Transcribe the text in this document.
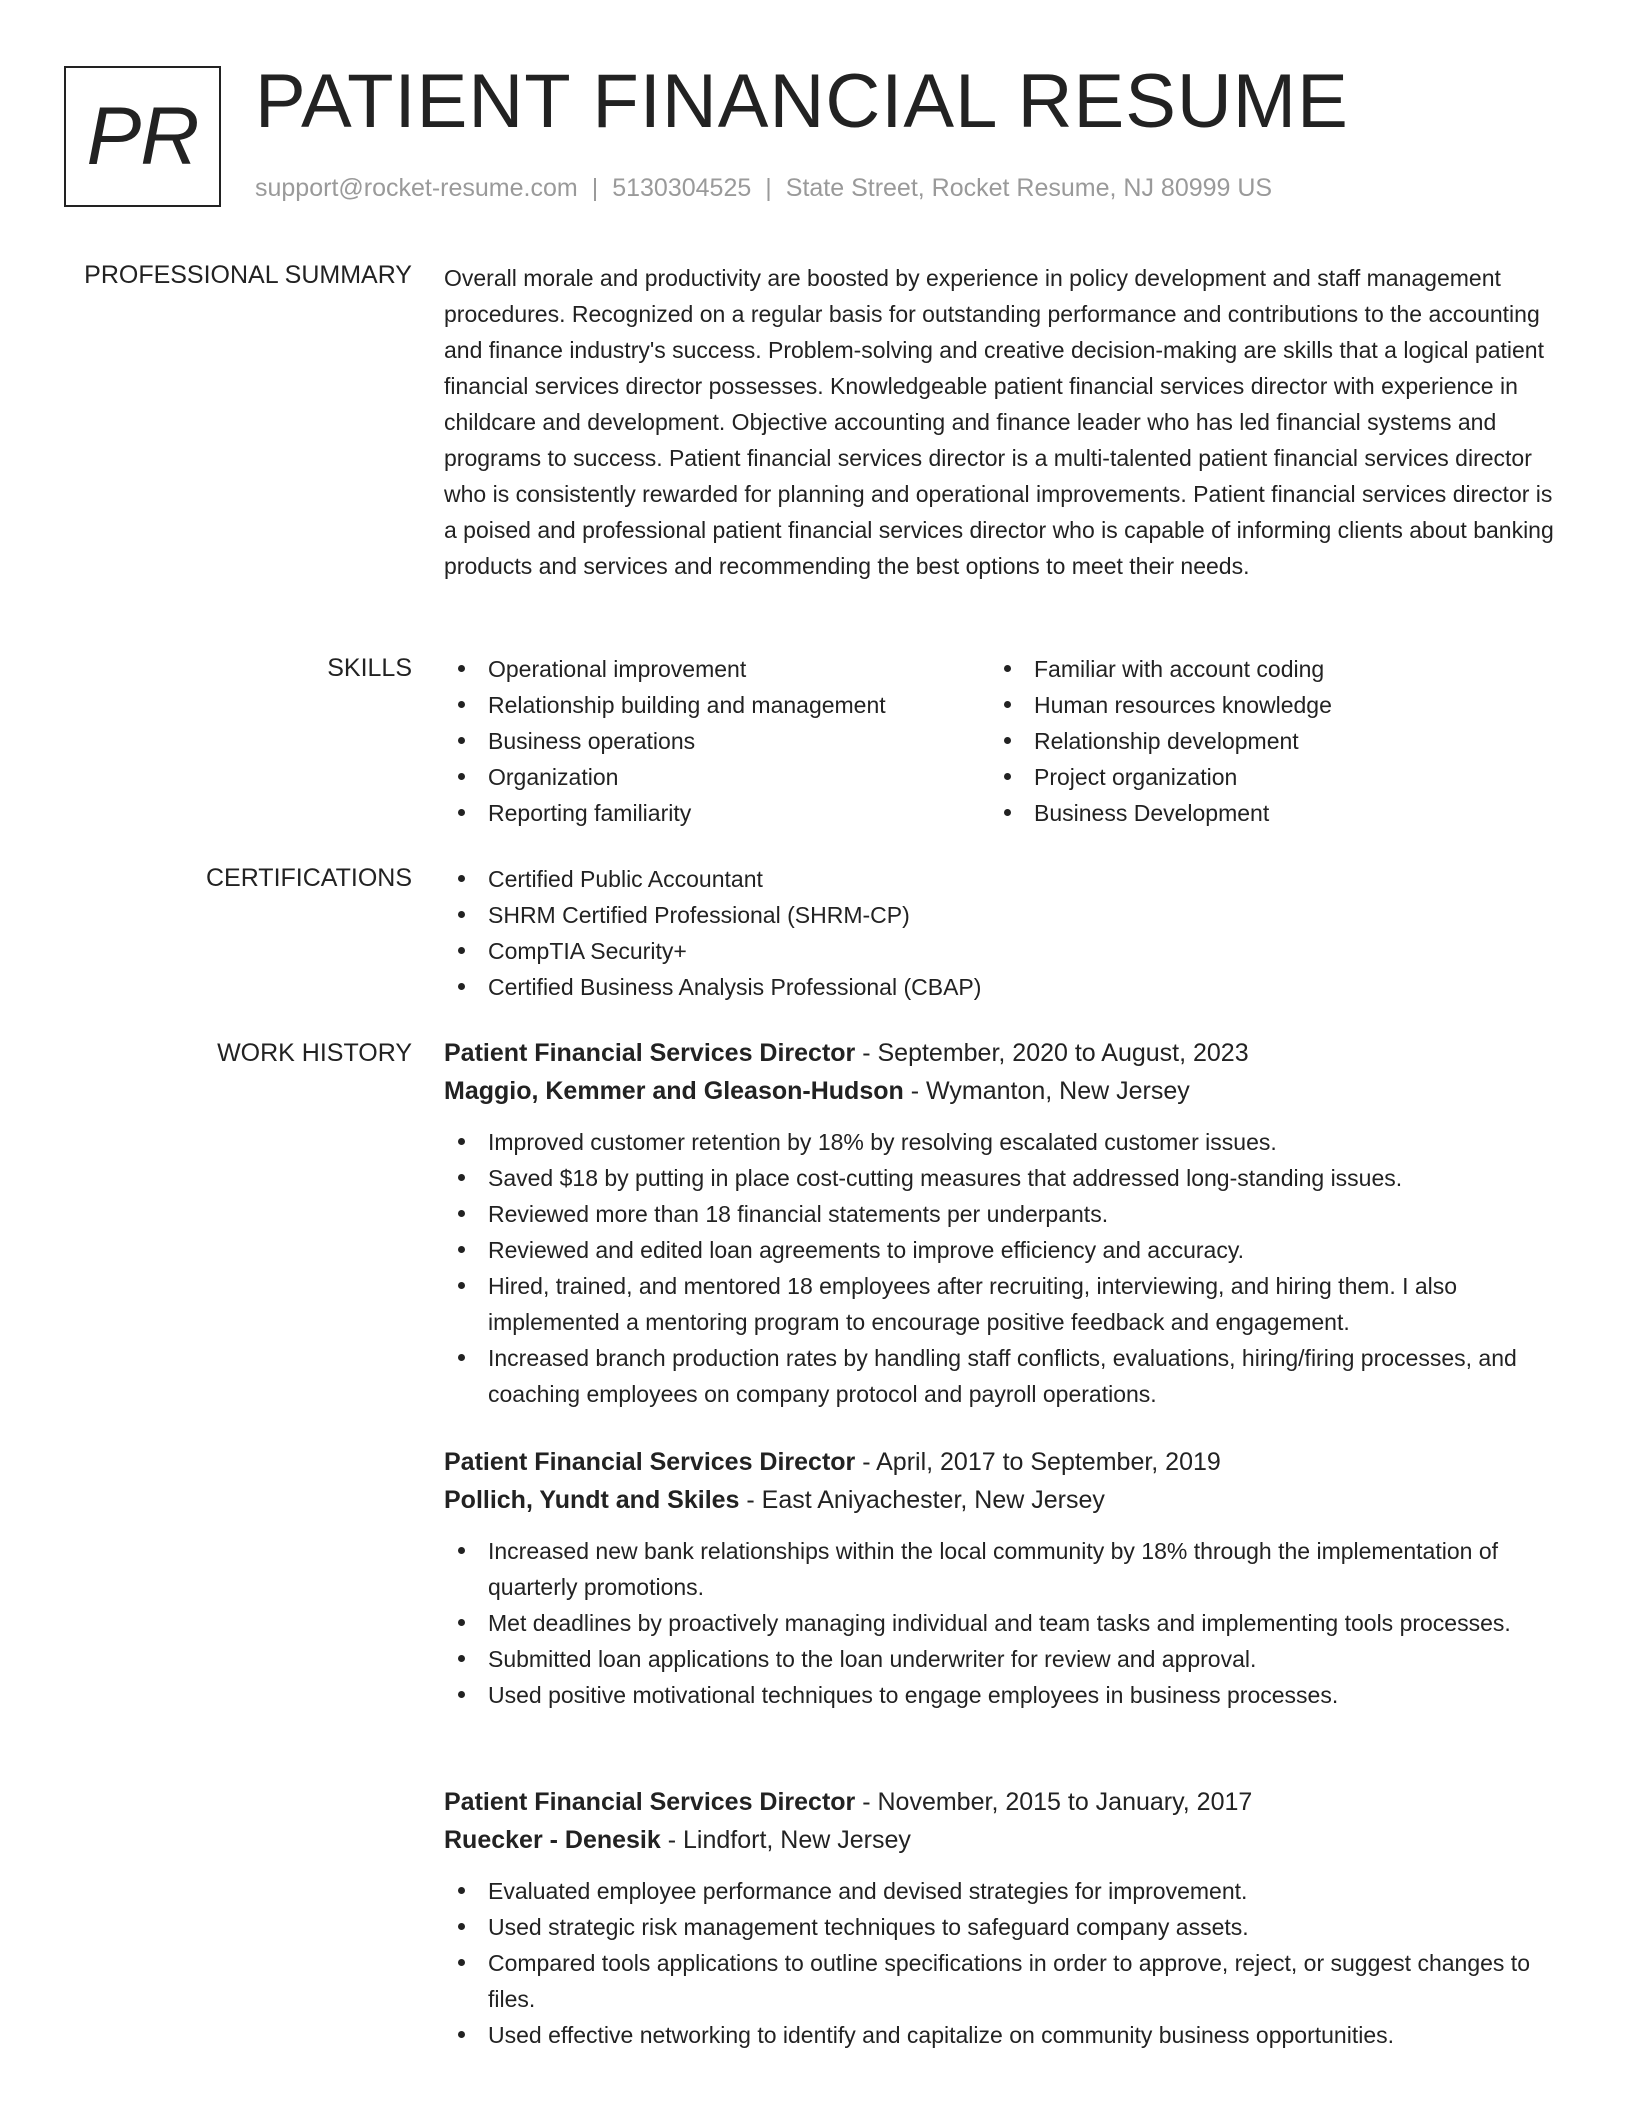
PR PATIENT FINANCIAL RESUME
support@rocket-resume.com | 5130304525 | State Street, Rocket Resume, NJ 80999 US
PROFESSIONAL SUMMARY Overall morale and productivity are boosted by experience in policy development and staff management procedures. Recognized on a regular basis for outstanding performance and contributions to the accounting and finance industry's success. Problem-solving and creative decision-making are skills that a logical patient financial services director possesses. Knowledgeable patient financial services director with experience in childcare and development. Objective accounting and finance leader who has led financial systems and programs to success. Patient financial services director is a multi-talented patient financial services director who is consistently rewarded for planning and operational improvements. Patient financial services director is a poised and professional patient financial services director who is capable of informing clients about banking products and services and recommending the best options to meet their needs.
SKILLS	Operational improvement
Relationship building and management
Business operations
Organization
Reporting familiarity
Familiar with account coding
Human resources knowledge
Relationship development
Project organization
Business Development
CERTIFICATIONS	Certified Public Accountant
SHRM Certified Professional (SHRM-CP)
CompTIA Security+
Certified Business Analysis Professional (CBAP)
WORK HISTORY Patient Financial Services Director - September, 2020 to August, 2023
Maggio, Kemmer and Gleason-Hudson - Wymanton, New Jersey
Improved customer retention by 18% by resolving escalated customer issues.
Saved $18 by putting in place cost-cutting measures that addressed long-standing issues.
Reviewed more than 18 financial statements per underpants.
Reviewed and edited loan agreements to improve efficiency and accuracy.
Hired, trained, and mentored 18 employees after recruiting, interviewing, and hiring them. I also implemented a mentoring program to encourage positive feedback and engagement.
Increased branch production rates by handling staff conflicts, evaluations, hiring/firing processes, and coaching employees on company protocol and payroll operations.
Patient Financial Services Director - April, 2017 to September, 2019
Pollich, Yundt and Skiles - East Aniyachester, New Jersey
Increased new bank relationships within the local community by 18% through the implementation of quarterly promotions.
Met deadlines by proactively managing individual and team tasks and implementing tools processes.
Submitted loan applications to the loan underwriter for review and approval.
Used positive motivational techniques to engage employees in business processes.
Patient Financial Services Director - November, 2015 to January, 2017
Ruecker - Denesik - Lindfort, New Jersey
Evaluated employee performance and devised strategies for improvement.
Used strategic risk management techniques to safeguard company assets.
Compared tools applications to outline specifications in order to approve, reject, or suggest changes to files.
Used effective networking to identify and capitalize on community business opportunities.
